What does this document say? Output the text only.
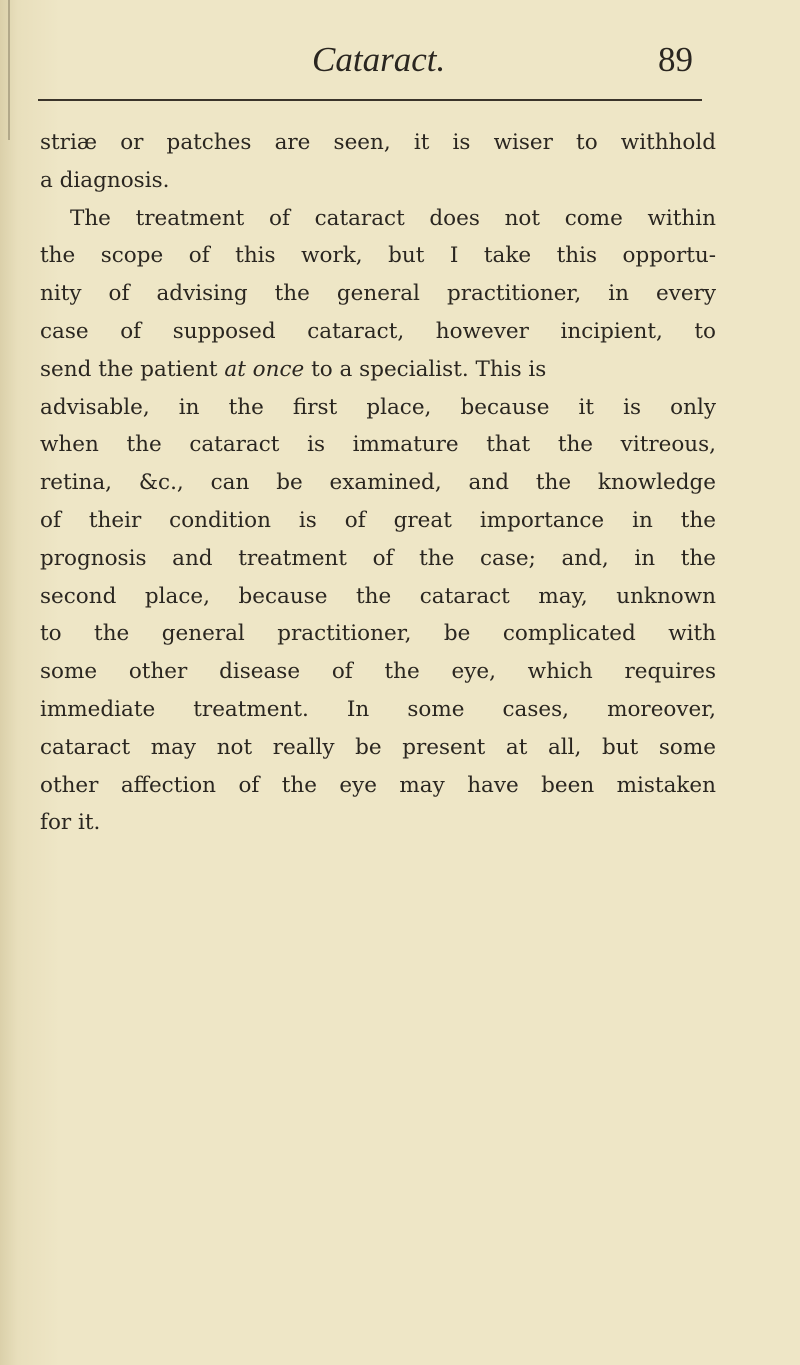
Cataract.	89
striæ or patches are seen, it is wiser to withhold
a diagnosis.
The treatment of cataract does not come within
the scope of this work, but I take this opportu-
nity of advising the general practitioner, in every
case of supposed cataract, however incipient, to
send the patient at once to a specialist. This is
advisable, in the first place, because it is only
when the cataract is immature that the vitreous,
retina, &c., can be examined, and the knowledge
of their condition is of great importance in the
prognosis and treatment of the case; and, in the
second place, because the cataract may, unknown
to the general practitioner, be complicated with
some other disease of the eye, which requires
immediate treatment. In some cases, moreover,
cataract may not really be present at all, but some
other affection of the eye may have been mistaken
for it.
